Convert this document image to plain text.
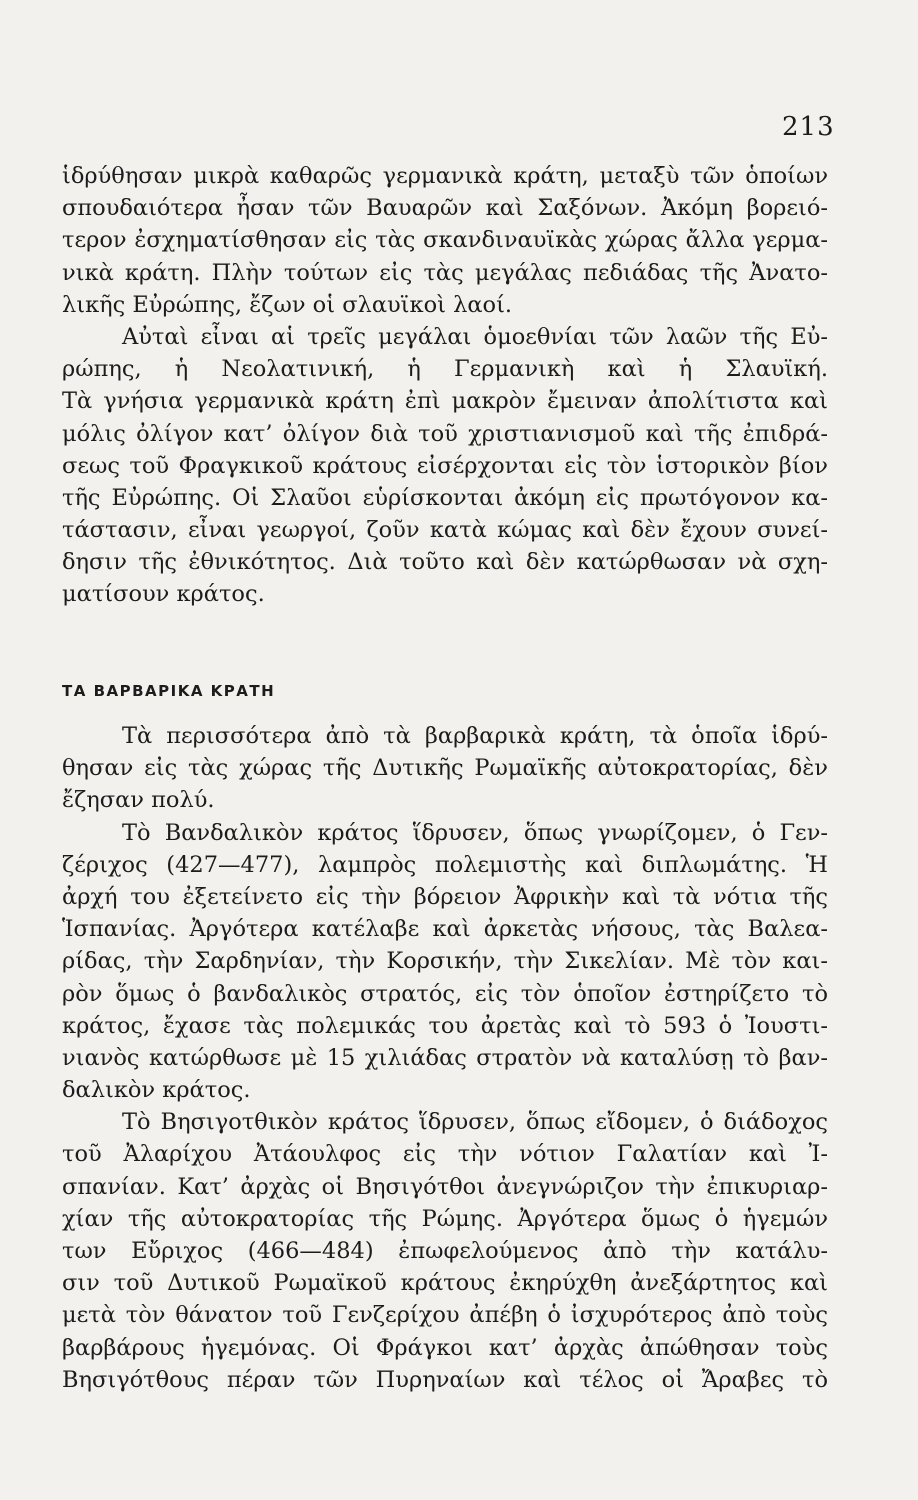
213
ἱδρύθησαν μικρὰ καθαρῶς γερμανικὰ κράτη, μεταξὺ τῶν ὁποίων
σπουδαιότερα ἦσαν τῶν Βαυαρῶν καὶ Σαξόνων. Ἀκόμη βορειό-
τερον ἐσχηματίσθησαν εἰς τὰς σκανδιναυϊκὰς χώρας ἄλλα γερμα-
νικὰ κράτη. Πλὴν τούτων εἰς τὰς μεγάλας πεδιάδας τῆς Ἀνατο-
λικῆς Εὐρώπης, ἔζων οἱ σλαυϊκοὶ λαοί.
Αὐταὶ εἶναι αἱ τρεῖς μεγάλαι ὁμοεθνίαι τῶν λαῶν τῆς Εὐ-
ρώπης, ἡ Νεολατινική, ἡ Γερμανικὴ καὶ ἡ Σλαυϊκή.
Τὰ γνήσια γερμανικὰ κράτη ἐπὶ μακρὸν ἔμειναν ἀπολίτιστα καὶ
μόλις ὀλίγον κατ’ ὀλίγον διὰ τοῦ χριστιανισμοῦ καὶ τῆς ἐπιδρά-
σεως τοῦ Φραγκικοῦ κράτους εἰσέρχονται εἰς τὸν ἱστορικὸν βίον
τῆς Εὐρώπης. Οἱ Σλαῦοι εὑρίσκονται ἀκόμη εἰς πρωτόγονον κα-
τάστασιν, εἶναι γεωργοί, ζοῦν κατὰ κώμας καὶ δὲν ἔχουν συνεί-
δησιν τῆς ἐθνικότητος. Διὰ τοῦτο καὶ δὲν κατώρθωσαν νὰ σχη-
ματίσουν κράτος.
ΤΑ ΒΑΡΒΑΡΙΚΑ ΚΡΑΤΗ
Τὰ περισσότερα ἀπὸ τὰ βαρβαρικὰ κράτη, τὰ ὁποῖα ἱδρύ-
θησαν εἰς τὰς χώρας τῆς Δυτικῆς Ρωμαϊκῆς αὐτοκρατορίας, δὲν
ἔζησαν πολύ.
Τὸ Βανδαλικὸν κράτος ἵδρυσεν, ὅπως γνωρίζομεν, ὁ Γεν-
ζέριχος (427—477), λαμπρὸς πολεμιστὴς καὶ διπλωμάτης. Ἡ
ἀρχή του ἐξετείνετο εἰς τὴν βόρειον Ἀφρικὴν καὶ τὰ νότια τῆς
Ἱσπανίας. Ἀργότερα κατέλαβε καὶ ἀρκετὰς νήσους, τὰς Βαλεα-
ρίδας, τὴν Σαρδηνίαν, τὴν Κορσικήν, τὴν Σικελίαν. Μὲ τὸν και-
ρὸν ὅμως ὁ βανδαλικὸς στρατός, εἰς τὸν ὁποῖον ἐστηρίζετο τὸ
κράτος, ἔχασε τὰς πολεμικάς του ἀρετὰς καὶ τὸ 593 ὁ Ἰουστι-
νιανὸς κατώρθωσε μὲ 15 χιλιάδας στρατὸν νὰ καταλύσῃ τὸ βαν-
δαλικὸν κράτος.
Τὸ Βησιγοτθικὸν κράτος ἵδρυσεν, ὅπως εἴδομεν, ὁ διάδοχος
τοῦ Ἀλαρίχου Ἀτάουλφος εἰς τὴν νότιον Γαλατίαν καὶ Ἰ-
σπανίαν. Κατ’ ἀρχὰς οἱ Βησιγότθοι ἀνεγνώριζον τὴν ἐπικυριαρ-
χίαν τῆς αὐτοκρατορίας τῆς Ρώμης. Ἀργότερα ὅμως ὁ ἡγεμών
των Εὔριχος (466—484) ἐπωφελούμενος ἀπὸ τὴν κατάλυ-
σιν τοῦ Δυτικοῦ Ρωμαϊκοῦ κράτους ἐκηρύχθη ἀνεξάρτητος καὶ
μετὰ τὸν θάνατον τοῦ Γενζερίχου ἀπέβη ὁ ἰσχυρότερος ἀπὸ τοὺς
βαρβάρους ἡγεμόνας. Οἱ Φράγκοι κατ’ ἀρχὰς ἀπώθησαν τοὺς
Βησιγότθους πέραν τῶν Πυρηναίων καὶ τέλος οἱ Ἄραβες τὸ
